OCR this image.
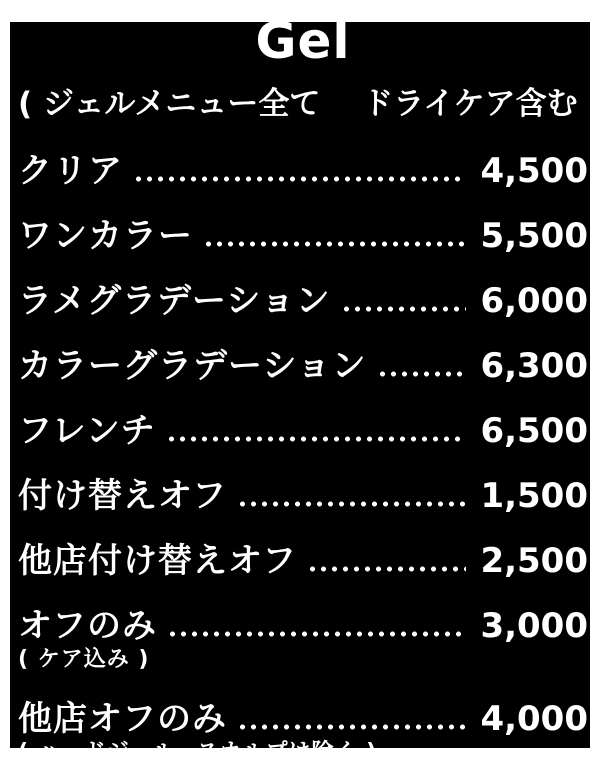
Gel
( ジェルメニュー全て　 ドライケア含む )
クリア	4,500
ワンカラー	5,500
ラメグラデーション	6,000
カラーグラデーション	6,300
フレンチ	6,500
付け替えオフ	1,500
他店付け替えオフ	2,500
オフのみ	3,000
( ケア込み )
他店オフのみ	4,000
( ハードジェル、スカルプは除く )
